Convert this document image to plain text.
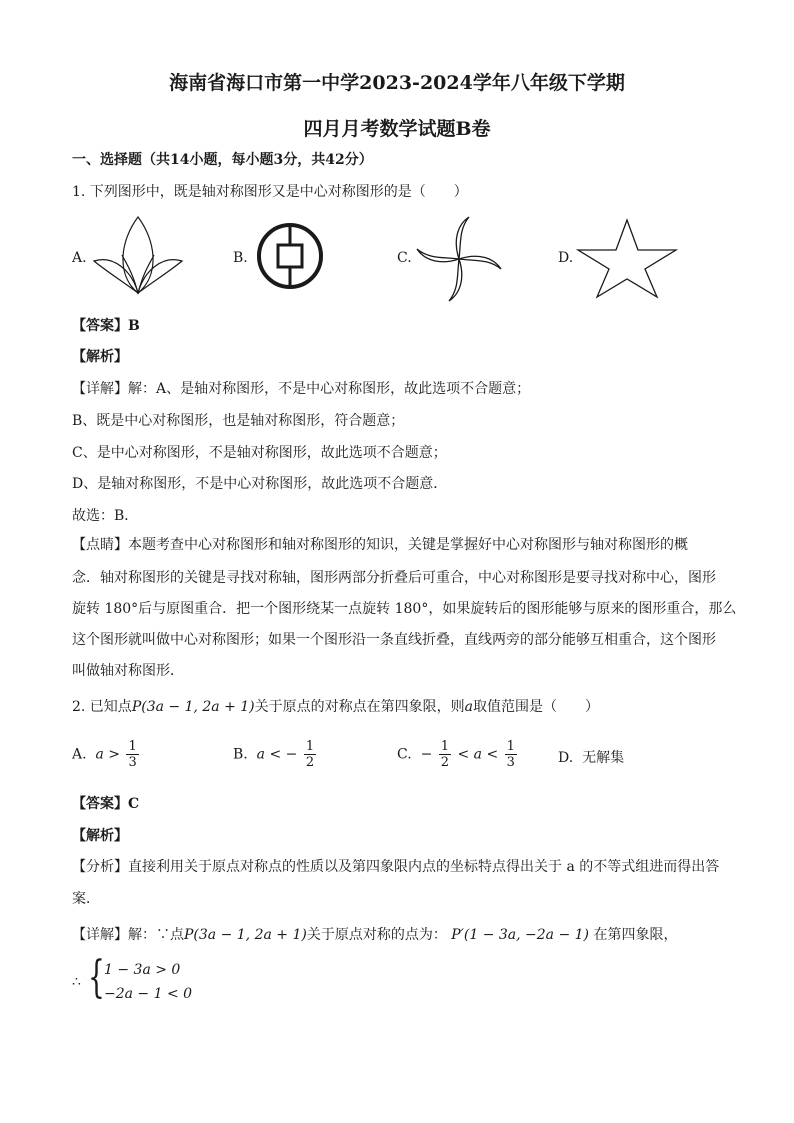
海南省海口市第一中学2023-2024学年八年级下学期
四月月考数学试题B卷
一、选择题（共14小题，每小题3分，共42分）
1. 下列图形中，既是轴对称图形又是中心对称图形的是（　　）
A.	B.	C.	D.
【答案】B
【解析】
【详解】解：A、是轴对称图形，不是中心对称图形，故此选项不合题意；
B、既是中心对称图形，也是轴对称图形，符合题意；
C、是中心对称图形，不是轴对称图形，故此选项不合题意；
D、是轴对称图形，不是中心对称图形，故此选项不合题意．
故选：B．
【点睛】本题考查中心对称图形和轴对称图形的知识，关键是掌握好中心对称图形与轴对称图形的概
念．轴对称图形的关键是寻找对称轴，图形两部分折叠后可重合，中心对称图形是要寻找对称中心，图形
旋转 180°后与原图重合．把一个图形绕某一点旋转 180°，如果旋转后的图形能够与原来的图形重合，那么
这个图形就叫做中心对称图形；如果一个图形沿一条直线折叠，直线两旁的部分能够互相重合，这个图形
叫做轴对称图形．
2. 已知点P(3a − 1, 2a + 1)关于原点的对称点在第四象限，则a取值范围是（　　）
A. $a > \frac{1}{3}$	B. a < − $\frac{1}{2}$	C. − $\frac{1}{2} < a < \frac{1}{3}$	D. 无解集
【答案】C
【解析】
【分析】直接利用关于原点对称点的性质以及第四象限内点的坐标特点得出关于 a 的不等式组进而得出答
案．
【详解】解：∵点P(3a − 1, 2a + 1)关于原点对称的点为： P′(1 − 3a, −2a − 1) 在第四象限，
∴ { 1 − 3a > 0
−2a − 1 < 0
